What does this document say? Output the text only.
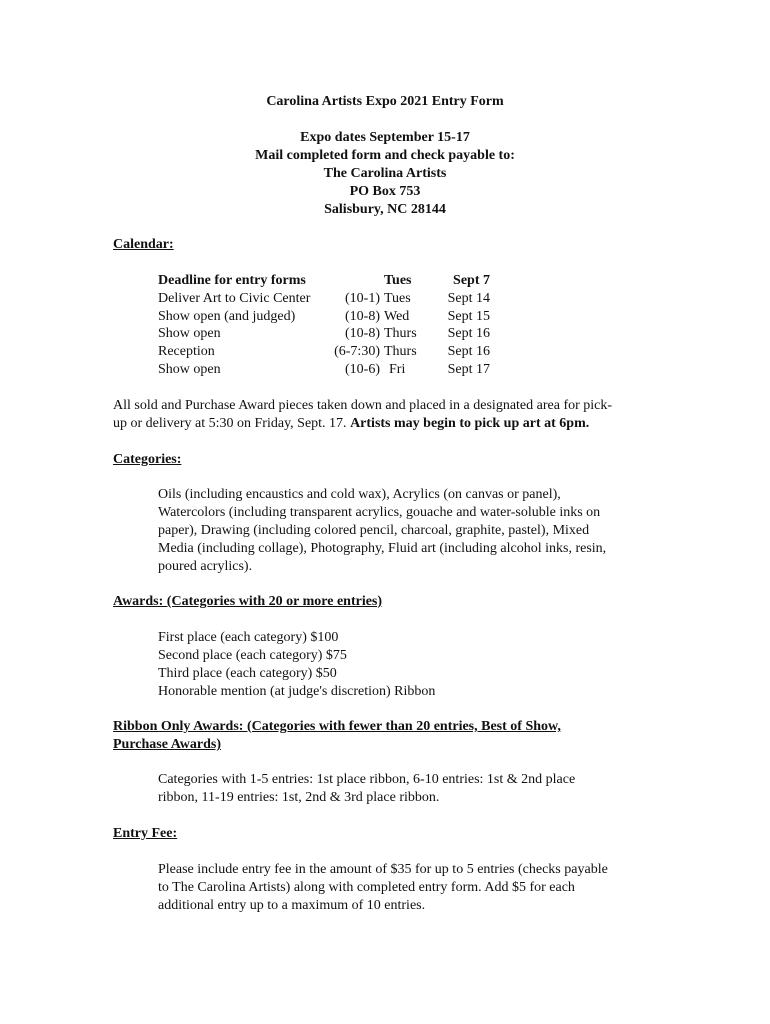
Carolina Artists Expo 2021 Entry Form
Expo dates September 15-17
Mail completed form and check payable to:
The Carolina Artists
PO Box 753
Salisbury, NC 28144
Calendar:
Deadline for entry forms	Tues	Sept 7
Deliver Art to Civic Center (10-1) Tues	Sept 14
Show open (and judged)	(10-8) Wed	Sept 15
Show open	(10-8) Thurs Sept 16
Reception	(6-7:30) Thurs Sept 16
Show open	(10-6) Fri	Sept 17
All sold and Purchase Award pieces taken down and placed in a designated area for pick-
up or delivery at 5:30 on Friday, Sept. 17. Artists may begin to pick up art at 6pm.
Categories:
Oils (including encaustics and cold wax), Acrylics (on canvas or panel),
Watercolors (including transparent acrylics, gouache and water-soluble inks on
paper), Drawing (including colored pencil, charcoal, graphite, pastel), Mixed
Media (including collage), Photography, Fluid art (including alcohol inks, resin,
poured acrylics).
Awards: (Categories with 20 or more entries)
First place (each category) $100
Second place (each category) $75
Third place (each category) $50
Honorable mention (at judge's discretion) Ribbon
Ribbon Only Awards: (Categories with fewer than 20 entries, Best of Show,
Purchase Awards)
Categories with 1-5 entries: 1st place ribbon, 6-10 entries: 1st & 2nd place
ribbon, 11-19 entries: 1st, 2nd & 3rd place ribbon.
Entry Fee:
Please include entry fee in the amount of $35 for up to 5 entries (checks payable
to The Carolina Artists) along with completed entry form. Add $5 for each
additional entry up to a maximum of 10 entries.
